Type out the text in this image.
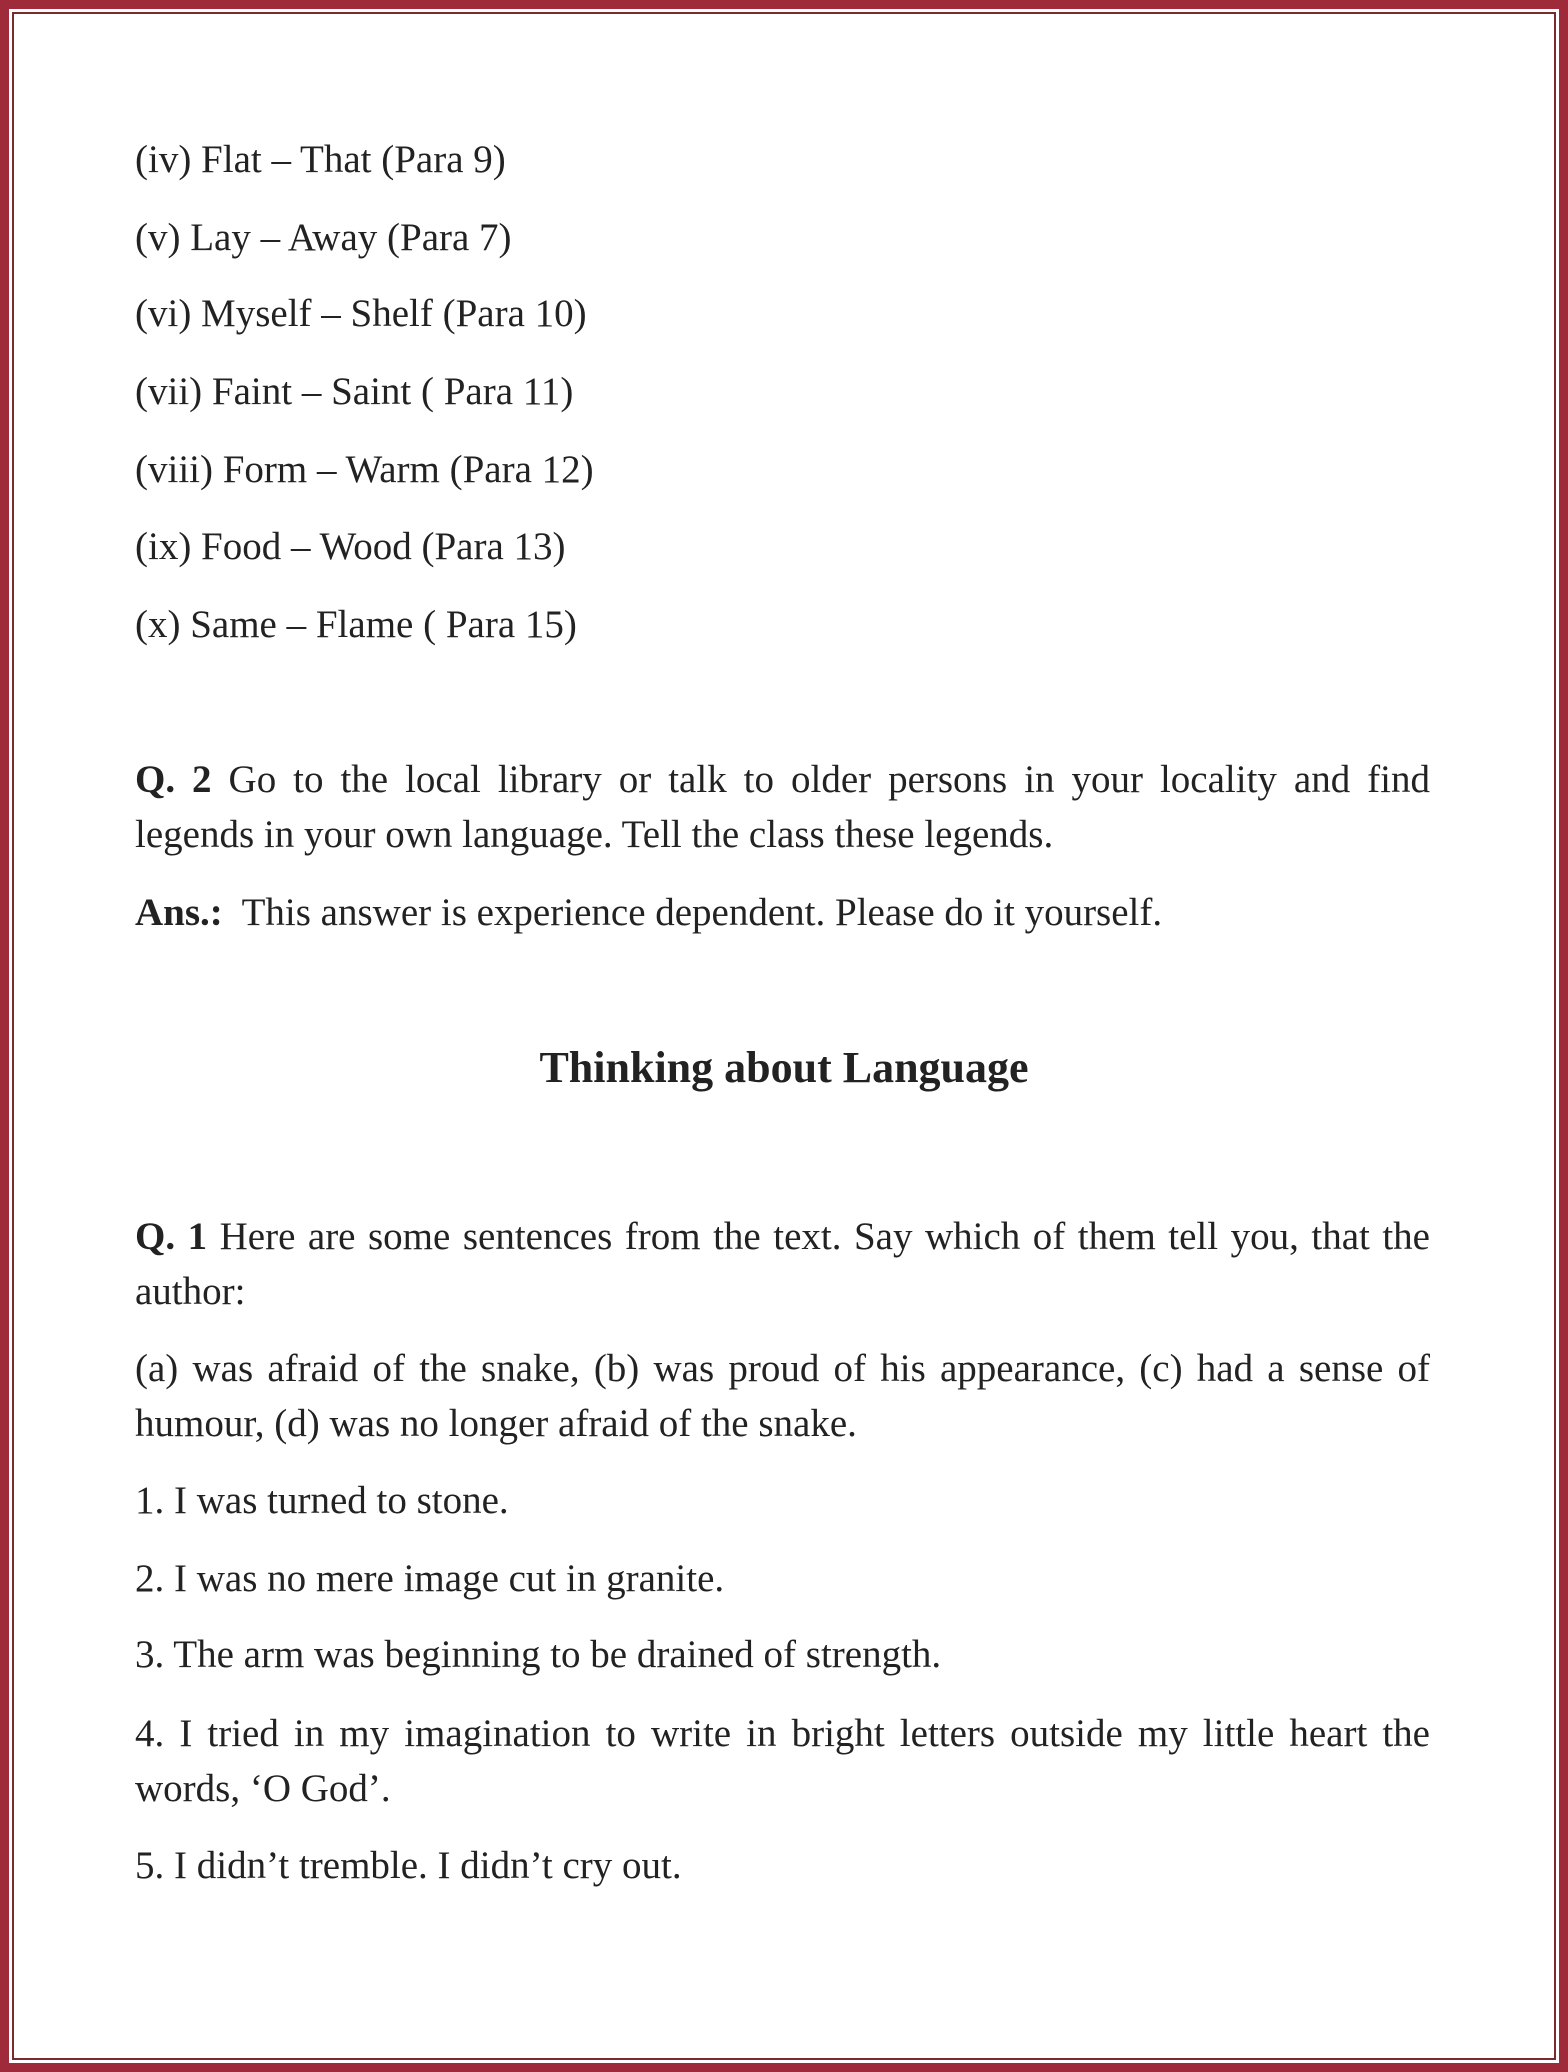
(iv) Flat – That (Para 9)

(v) Lay – Away (Para 7)

(vi) Myself – Shelf (Para 10)

(vii) Faint – Saint ( Para 11)

(viii) Form – Warm (Para 12)

(ix) Food – Wood (Para 13)

(x) Same – Flame ( Para 15)

Q. 2 Go to the local library or talk to older persons in your locality and find legends in your own language. Tell the class these legends.

Ans.: This answer is experience dependent. Please do it yourself.

Thinking about Language

Q. 1 Here are some sentences from the text. Say which of them tell you, that the author:

(a) was afraid of the snake, (b) was proud of his appearance, (c) had a sense of humour, (d) was no longer afraid of the snake.

1. I was turned to stone.

2. I was no mere image cut in granite.

3. The arm was beginning to be drained of strength.

4. I tried in my imagination to write in bright letters outside my little heart the words, ‘O God’.

5. I didn’t tremble. I didn’t cry out.
